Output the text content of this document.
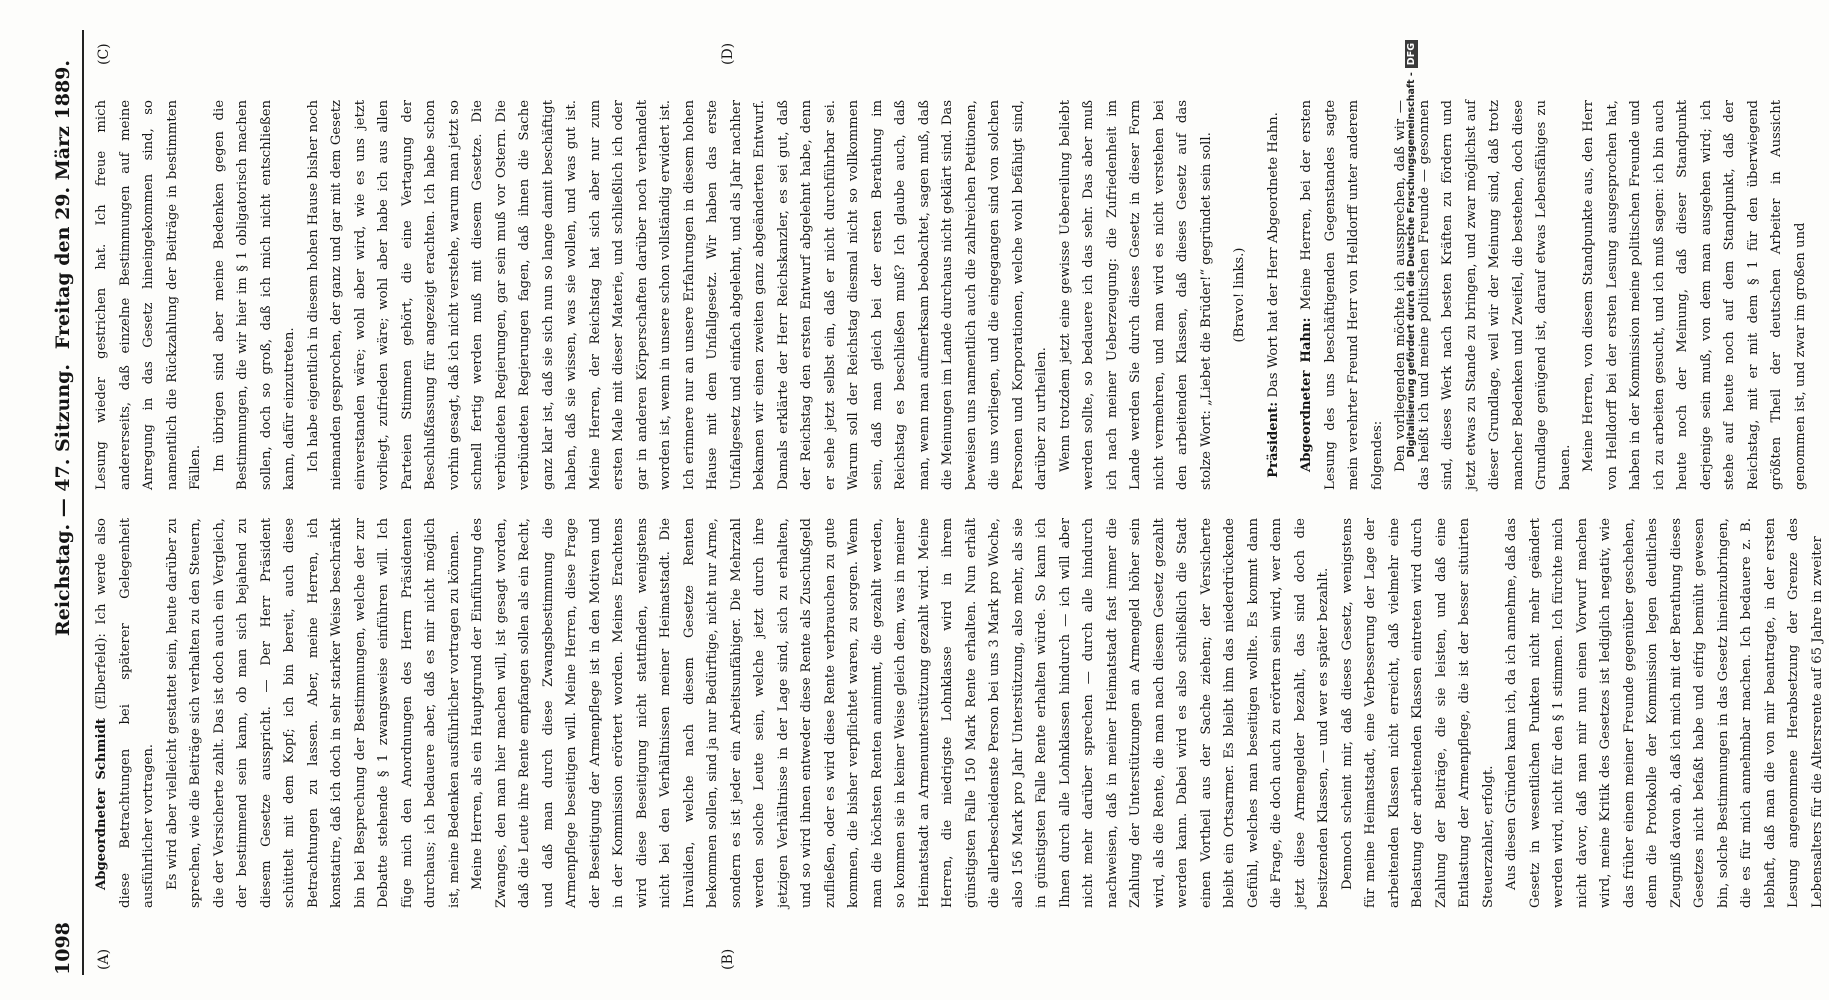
1098
Reichstag. — 47. Sitzung.
Freitag den 29. März 1889.
(A)	(B)
(C)	(D)

Abgeordneter Schmidt (Elberfeld): Ich werde also diese Betrachtungen bei späterer Gelegenheit ausführlicher vortragen. Es wird aber vielleicht gestattet sein, heute darüber zu sprechen, wie die Beiträge sich verhalten zu den Steuern, die der Versicherte zahlt. Das ist doch auch ein Vergleich, der bestimmend sein kann, ob man sich bejahend zu diesem Gesetze ausspricht. — Der Herr Präsident schüttelt mit dem Kopf; ich bin bereit, auch diese Betrachtungen zu lassen. Aber, meine Herren, ich konstatire, daß ich doch in sehr starker Weise beschränkt bin bei Besprechung der Bestimmungen, welche der zur Debatte stehende § 1 zwangsweise einführen will. Ich füge mich den Anordnungen des Herrn Präsidenten durchaus; ich bedauere aber, daß es mir nicht möglich ist, meine Bedenken ausführlicher vortragen zu können. Meine Herren, als ein Hauptgrund der Einführung des Zwanges, den man hier machen will, ist gesagt worden, daß die Leute ihre Rente empfangen sollen als ein Recht, und daß man durch diese Zwangsbestimmung die Armenpflege beseitigen will. Meine Herren, diese Frage der Beseitigung der Armenpflege ist in den Motiven und in der Kommission erörtert worden. Meines Erachtens wird diese Beseitigung nicht stattfinden, wenigstens nicht bei den Verhältnissen meiner Heimatstadt. Die Invaliden, welche nach diesem Gesetze Renten bekommen sollen, sind ja nur Bedürftige, nicht nur Arme, sondern es ist jeder ein Arbeitsunfähiger. Die Mehrzahl werden solche Leute sein, welche jetzt durch ihre jetzigen Verhältnisse in der Lage sind, sich zu erhalten, und so wird ihnen entweder diese Rente als Zuschußgeld zufließen, oder es wird diese Rente verbrauchen zu gute kommen, die bisher verpflichtet waren, zu sorgen. Wenn man die höchsten Renten annimmt, die gezahlt werden, so kommen sie in keiner Weise gleich dem, was in meiner Heimatstadt an Armenunterstützung gezahlt wird. Meine Herren, die niedrigste Lohnklasse wird in ihrem günstigsten Falle 150 Mark Rente erhalten. Nun erhält die allerbescheidenste Person bei uns 3 Mark pro Woche, also 156 Mark pro Jahr Unterstützung, also mehr, als sie in günstigsten Falle Rente erhalten würde. So kann ich Ihnen durch alle Lohnklassen hindurch — ich will aber nicht mehr darüber sprechen — durch alle hindurch nachweisen, daß in meiner Heimatstadt fast immer die Zahlung der Unterstützungen an Armengeld höher sein wird, als die Rente, die man nach diesem Gesetz gezahlt werden kann. Dabei wird es also schließlich die Stadt einen Vortheil aus der Sache ziehen; der Versicherte bleibt ein Ortsarmer. Es bleibt ihm das niederdrückende Gefühl, welches man beseitigen wollte. Es kommt dann die Frage, die doch auch zu erörtern sein wird, wer denn jetzt diese Armengelder bezahlt, das sind doch die besitzenden Klassen, — und wer es später bezahlt. Dennoch scheint mir, daß dieses Gesetz, wenigstens für meine Heimatstadt, eine Verbesserung der Lage der arbeitenden Klassen nicht erreicht, daß vielmehr eine Belastung der arbeitenden Klassen eintreten wird durch Zahlung der Beiträge, die sie leisten, und daß eine Entlastung der Armenpflege, die ist der besser situirten Steuerzahler, erfolgt. Aus diesen Gründen kann ich, da ich annehme, daß das Gesetz in wesentlichen Punkten nicht mehr geändert werden wird, nicht für den § 1 stimmen. Ich fürchte mich nicht davor, daß man mir nun einen Vorwurf machen wird, meine Kritik des Gesetzes ist lediglich negativ, wie das früher einem meiner Freunde gegenüber geschehen, denn die Protokolle der Kommission legen deutliches Zeugniß davon ab, daß ich mich mit der Berathung dieses Gesetzes nicht befaßt habe und eifrig bemüht gewesen bin, solche Bestimmungen in das Gesetz hineinzubringen, die es für mich annehmbar machen. Ich bedauere z. B. lebhaft, daß man die von mir beantragte, in der ersten Lesung angenommene Herabsetzung der Grenze des Lebensalters für die Altersrente auf 65 Jahre in zweiter

Lesung wieder gestrichen hat. Ich freue mich andererseits, daß einzelne Bestimmungen auf meine Anregung in das Gesetz hineingekommen sind, so namentlich die Rückzahlung der Beiträge in bestimmten Fällen. Im übrigen sind aber meine Bedenken gegen die Bestimmungen, die wir hier im § 1 obligatorisch machen sollen, doch so groß, daß ich mich nicht entschließen kann, dafür einzutreten. Ich habe eigentlich in diesem hohen Hause bisher noch niemanden gesprochen, der ganz und gar mit dem Gesetz einverstanden wäre; wohl aber wird, wie es uns jetzt vorliegt, zufrieden wäre; wohl aber habe ich aus allen Parteien Stimmen gehört, die eine Vertagung der Beschlußfassung für angezeigt erachten. Ich habe schon vorhin gesagt, daß ich nicht verstehe, warum man jetzt so schnell fertig werden muß mit diesem Gesetze. Die verbündeten Regierungen, gar sein muß vor Ostern. Die verbündeten Regierungen fagen, daß ihnen die Sache ganz klar ist, daß sie sich nun so lange damit beschäftigt haben, daß sie wissen, was sie wollen, und was gut ist. Meine Herren, der Reichstag hat sich aber nur zum ersten Male mit dieser Materie, und schließlich ich oder gar in anderen Körperschaften darüber noch verhandelt worden ist, wenn in unsere schon vollständig erwidert ist. Ich erinnere nur an unsere Erfahrungen in diesem hohen Hause mit dem Unfallgesetz. Wir haben das erste Unfallgesetz und einfach abgelehnt, und als Jahr nachher bekamen wir einen zweiten ganz abgeänderten Entwurf. Damals erklärte der Herr Reichskanzler, es sei gut, daß der Reichstag den ersten Entwurf abgelehnt habe, denn er sehe jetzt selbst ein, daß er nicht durchführbar sei. Warum soll der Reichstag diesmal nicht so vollkommen sein, daß man gleich bei der ersten Berathung im Reichstag es beschließen muß? Ich glaube auch, daß man, wenn man aufmerksam beobachtet, sagen muß, daß die Meinungen im Lande durchaus nicht geklärt sind. Das beweisen uns namentlich auch die zahlreichen Petitionen, die uns vorliegen, und die eingegangen sind von solchen Personen und Korporationen, welche wohl befähigt sind, darüber zu urtheilen. Wenn trotzdem jetzt eine gewisse Uebereilung beliebt werden sollte, so bedauere ich das sehr. Das aber muß ich nach meiner Ueberzeugung: die Zufriedenheit im Lande werden Sie durch dieses Gesetz in dieser Form nicht vermehren, und man wird es nicht verstehen bei den arbeitenden Klassen, daß dieses Gesetz auf das stolze Wort: „Liebet die Brüder!“ gegründet sein soll.	(Bravo! links.)

Präsident: Das Wort hat der Herr Abgeordnete Hahn.	Abgeordneter Hahn: Meine Herren, bei der ersten Lesung des uns beschäftigenden Gegenstandes sagte mein verehrter Freund Herr von Helldorff unter anderem folgendes: Den vorliegenden möchte ich aussprechen, daß wir — das heißt ich und meine politischen Freunde — gesonnen sind, dieses Werk nach besten Kräften zu fördern und jetzt etwas zu Stande zu bringen, und zwar möglichst auf dieser Grundlage, weil wir der Meinung sind, daß trotz mancher Bedenken und Zweifel, die bestehen, doch diese Grundlage genügend ist, darauf etwas Lebensfähiges zu bauen. Meine Herren, von diesem Standpunkte aus, den Herr von Helldorff bei der ersten Lesung ausgesprochen hat, haben in der Kommission meine politischen Freunde und ich zu arbeiten gesucht, und ich muß sagen: ich bin auch heute noch der Meinung, daß dieser Standpunkt derjenige sein muß, von dem man ausgehen wird; ich stehe auf heute noch auf dem Standpunkt, daß der Reichstag, mit er mit dem § 1 für den überwiegend größten Theil der deutschen Arbeiter in Aussicht genommen ist, und zwar im großen und

Digitalisierung gefördert durch die Deutsche Forschungsgemeinschaft -DFG
